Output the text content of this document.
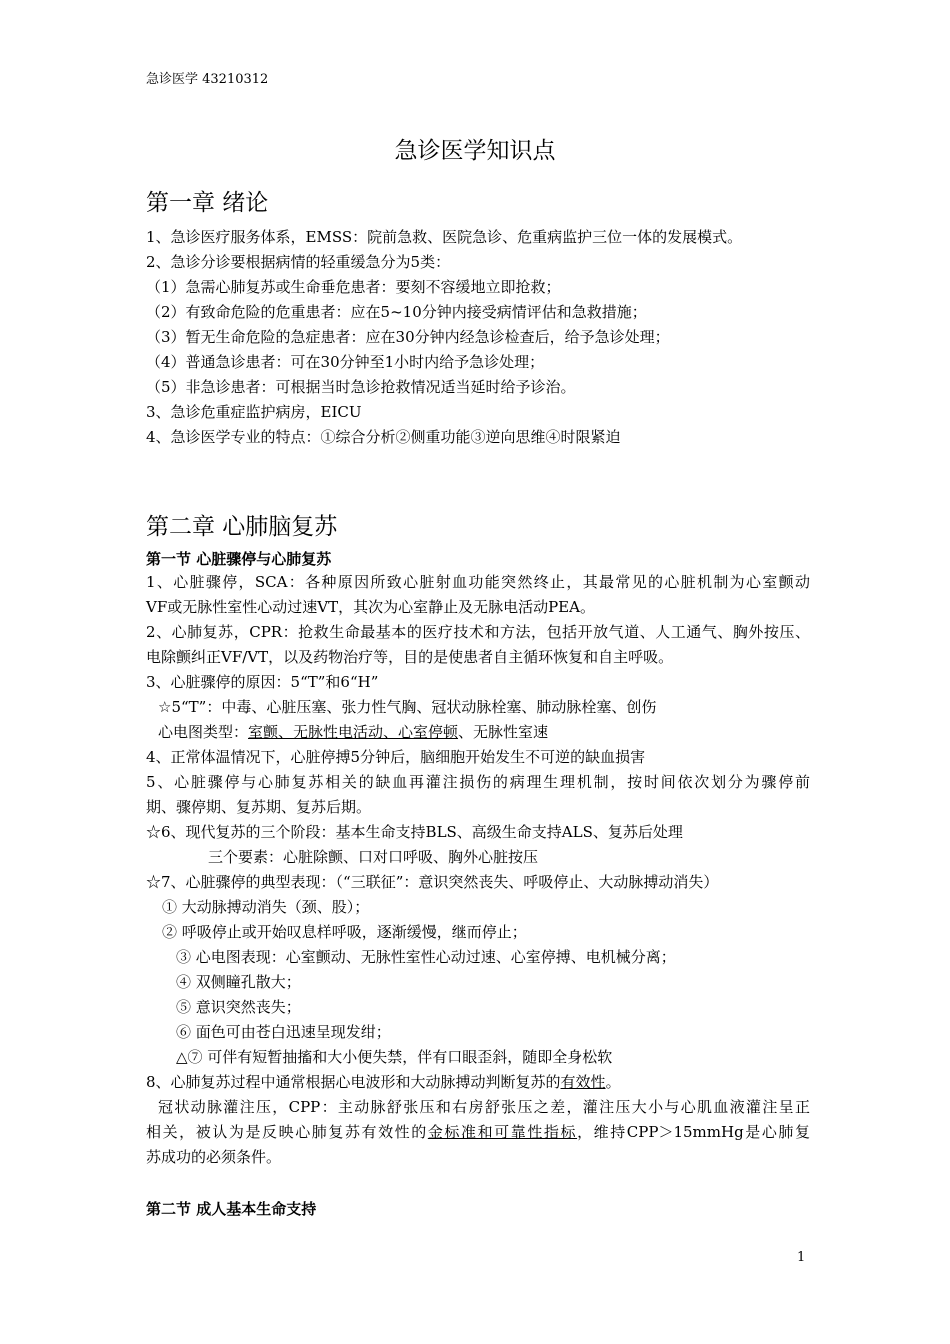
急诊医学 43210312
急诊医学知识点
第一章 绪论
1、急诊医疗服务体系，EMSS：院前急救、医院急诊、危重病监护三位一体的发展模式。
2、急诊分诊要根据病情的轻重缓急分为5类：
（1）急需心肺复苏或生命垂危患者：要刻不容缓地立即抢救；
（2）有致命危险的危重患者：应在5~10分钟内接受病情评估和急救措施；
（3）暂无生命危险的急症患者：应在30分钟内经急诊检查后，给予急诊处理；
（4）普通急诊患者：可在30分钟至1小时内给予急诊处理；
（5）非急诊患者：可根据当时急诊抢救情况适当延时给予诊治。
3、急诊危重症监护病房，EICU
4、急诊医学专业的特点：①综合分析②侧重功能③逆向思维④时限紧迫
第二章 心肺脑复苏
第一节 心脏骤停与心肺复苏
1、心脏骤停，SCA：各种原因所致心脏射血功能突然终止，其最常见的心脏机制为心室颤动
VF或无脉性室性心动过速VT，其次为心室静止及无脉电活动PEA。
2、心肺复苏，CPR：抢救生命最基本的医疗技术和方法，包括开放气道、人工通气、胸外按压、
电除颤纠正VF/VT，以及药物治疗等，目的是使患者自主循环恢复和自主呼吸。
3、心脏骤停的原因：5“T”和6“H”
☆5“T”：中毒、心脏压塞、张力性气胸、冠状动脉栓塞、肺动脉栓塞、创伤
心电图类型：室颤、无脉性电活动、心室停顿、无脉性室速
4、正常体温情况下，心脏停搏5分钟后，脑细胞开始发生不可逆的缺血损害
5、心脏骤停与心肺复苏相关的缺血再灌注损伤的病理生理机制，按时间依次划分为骤停前
期、骤停期、复苏期、复苏后期。
☆6、现代复苏的三个阶段：基本生命支持BLS、高级生命支持ALS、复苏后处理
三个要素：心脏除颤、口对口呼吸、胸外心脏按压
☆7、心脏骤停的典型表现：（“三联征”：意识突然丧失、呼吸停止、大动脉搏动消失）
① 大动脉搏动消失（颈、股）；
② 呼吸停止或开始叹息样呼吸，逐渐缓慢，继而停止；
③ 心电图表现：心室颤动、无脉性室性心动过速、心室停搏、电机械分离；
④ 双侧瞳孔散大；
⑤ 意识突然丧失；
⑥ 面色可由苍白迅速呈现发绀；
△⑦ 可伴有短暂抽搐和大小便失禁，伴有口眼歪斜，随即全身松软
8、心肺复苏过程中通常根据心电波形和大动脉搏动判断复苏的有效性。
冠状动脉灌注压，CPP：主动脉舒张压和右房舒张压之差，灌注压大小与心肌血液灌注呈正
相关，被认为是反映心肺复苏有效性的金标准和可靠性指标，维持CPP＞15mmHg是心肺复
苏成功的必须条件。
第二节 成人基本生命支持
1
